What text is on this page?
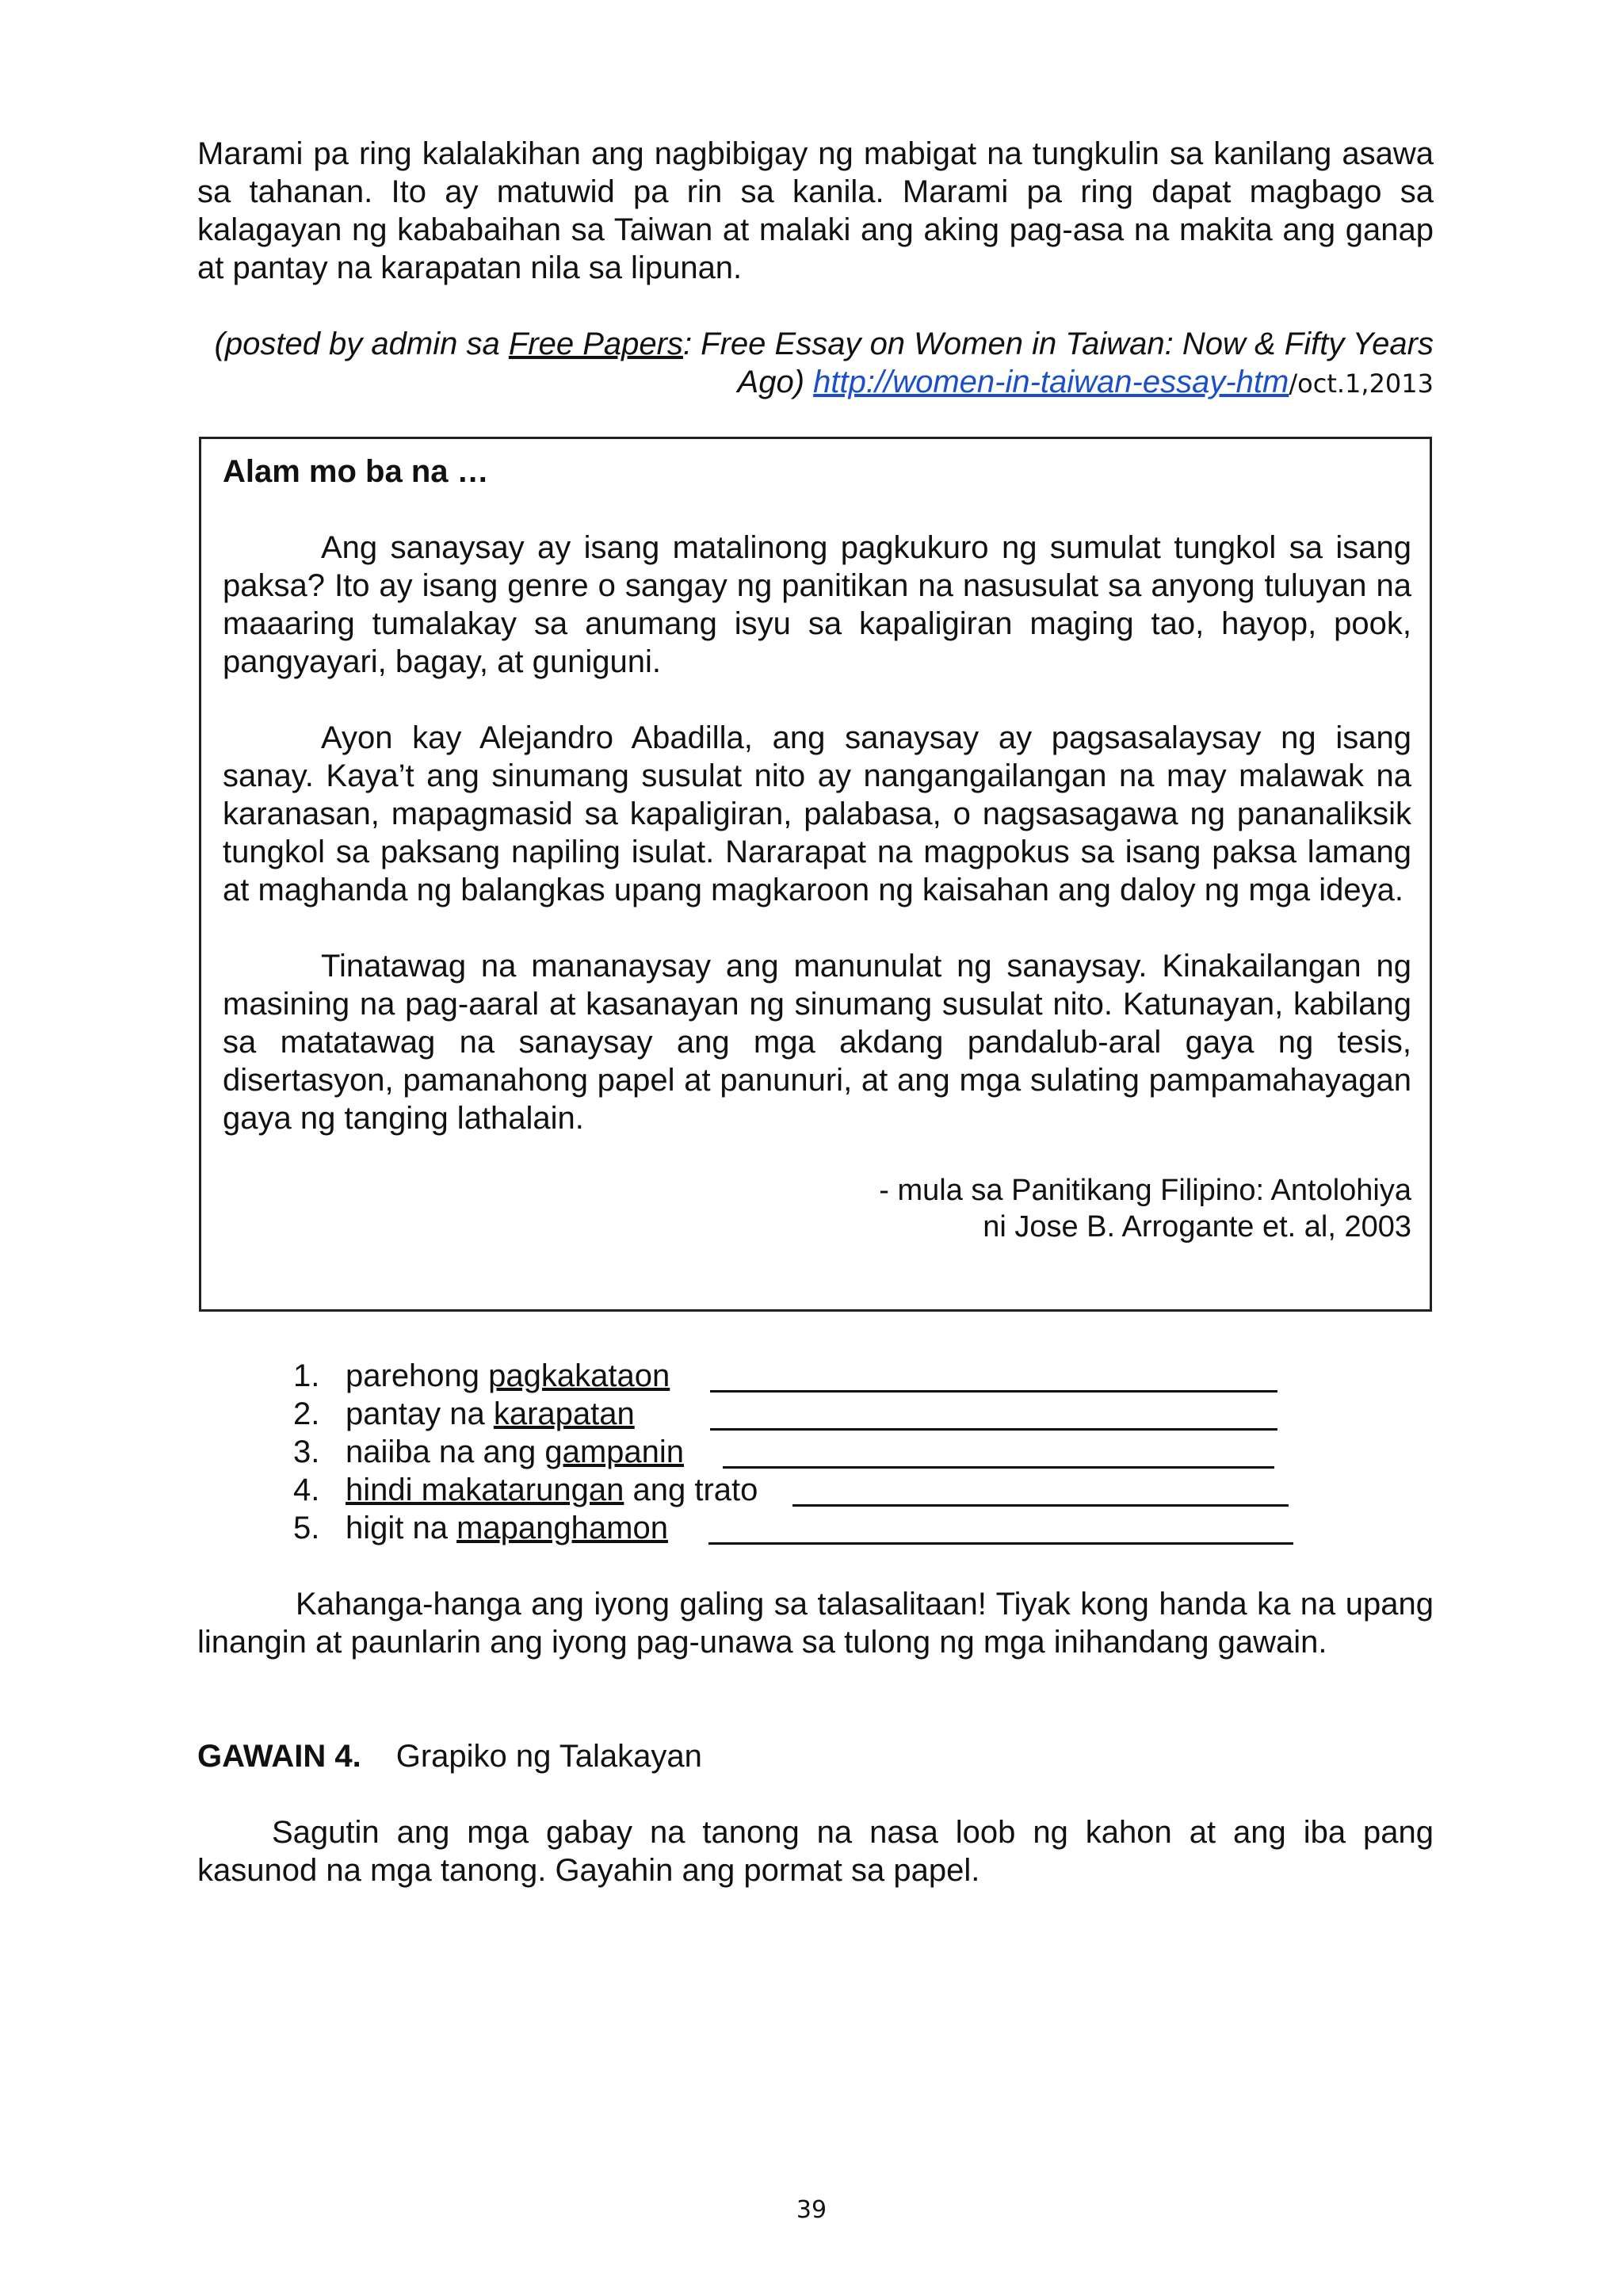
Marami pa ring kalalakihan ang nagbibigay ng mabigat na tungkulin sa kanilang asawa sa tahanan. Ito ay matuwid pa rin sa kanila. Marami pa ring dapat magbago sa kalagayan ng kababaihan sa Taiwan at malaki ang aking pag-asa na makita ang ganap at pantay na karapatan nila sa lipunan.
(posted by admin sa Free Papers: Free Essay on Women in Taiwan: Now & Fifty Years Ago) http://women-in-taiwan-essay-htm/oct.1,2013
Alam mo ba na …

Ang sanaysay ay isang matalinong pagkukuro ng sumulat tungkol sa isang paksa? Ito ay isang genre o sangay ng panitikan na nasusulat sa anyong tuluyan na maaaring tumalakay sa anumang isyu sa kapaligiran maging tao, hayop, pook, pangyayari, bagay, at guniguni.

Ayon kay Alejandro Abadilla, ang sanaysay ay pagsasalaysay ng isang sanay. Kaya’t ang sinumang susulat nito ay nangangailangan na may malawak na karanasan, mapagmasid sa kapaligiran, palabasa, o nagsasagawa ng pananaliksik tungkol sa paksang napiling isulat. Nararapat na magpokus sa isang paksa lamang at maghanda ng balangkas upang magkaroon ng kaisahan ang daloy ng mga ideya.

Tinatawag na mananaysay ang manunulat ng sanaysay. Kinakailangan ng masining na pag-aaral at kasanayan ng sinumang susulat nito. Katunayan, kabilang sa matatawag na sanaysay ang mga akdang pandalub-aral gaya ng tesis, disertasyon, pamanahong papel at panunuri, at ang mga sulating pampamahayagan gaya ng tanging lathalain.

- mula sa Panitikang Filipino: Antolohiya
ni Jose B. Arrogante et. al, 2003
1. parehong pagkakataon
2. pantay na karapatan
3. naiiba na ang gampanin
4. hindi makatarungan ang trato
5. higit na mapanghamon

Kahanga-hanga ang iyong galing sa talasalitaan! Tiyak kong handa ka na upang linangin at paunlarin ang iyong pag-unawa sa tulong ng mga inihandang gawain.

GAWAIN 4. Grapiko ng Talakayan

Sagutin ang mga gabay na tanong na nasa loob ng kahon at ang iba pang kasunod na mga tanong. Gayahin ang pormat sa papel.

39
